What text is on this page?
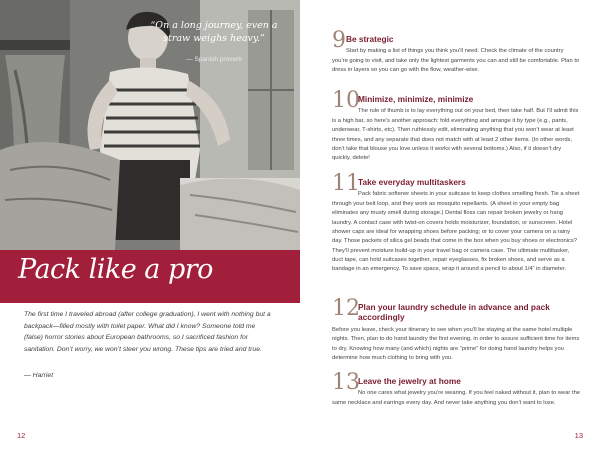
“On a long journey, even a straw weighs heavy.”
— Spanish proverb
Pack like a pro

The first time I traveled abroad (after college graduation), I went with nothing but a backpack—filled mostly with toilet paper. What did I know? Someone told me (false) horror stories about European bathrooms, so I sacrificed fashion for sanitation. Don’t worry, we won’t steer you wrong. These tips are tried and true.

— Harriet

12
9 Be strategic
Start by making a list of things you think you’ll need. Check the climate of the country you’re going to visit, and take only the lightest garments you can and still be comfortable. Plan to dress in layers so you can go with the flow, weather-wise.
10
Minimize, minimize, minimize
The rule of thumb is to lay everything out on your bed, then take half. But I’ll admit this is a high bar, so here’s another approach: fold everything and arrange it by type (e.g., pants, underwear, T-shirts, etc). Then ruthlessly edit, eliminating anything that you won’t wear at least three times, and any separate that does not match with at least 2 other items. (In other words, don’t take that blouse you love unless it works with several bottoms.) Also, if it doesn’t dry quickly, delete!
11
Take everyday multitaskers
Pack fabric softener sheets in your suitcase to keep clothes smelling fresh. Tie a sheet through your belt loop, and they work as mosquito repellants. (A sheet in your empty bag eliminates any musty smell during storage.) Dental floss can repair broken jewelry or hang laundry. A contact case with twist-on covers holds moisturizer, foundation, or sunscreen. Hotel shower caps are ideal for wrapping shoes before packing; or to cover your camera on a rainy day. Those packets of silica gel beads that come in the box when you buy shoes or electronics? They’ll prevent moisture build-up in your travel bag or camera case. The ultimate multitasker, duct tape, can hold suitcases together, repair eyeglasses, fix broken shoes, and serve as a bandage in an emergency. To save space, wrap it around a pencil to about 1/4” in diameter.
12
Plan your laundry schedule in advance and pack accordingly
Before you leave, check your itinerary to see when you’ll be staying at the same hotel multiple nights. Then, plan to do hand laundry the first evening, in order to assure sufficient time for items to dry. Knowing how many (and which) nights are “prime” for doing hand laundry helps you determine how much clothing to bring with you.
13
Leave the jewelry at home
No one cares what jewelry you’re wearing. If you feel naked without it, plan to wear the same necklace and earrings every day. And never take anything you don’t want to lose.
13
